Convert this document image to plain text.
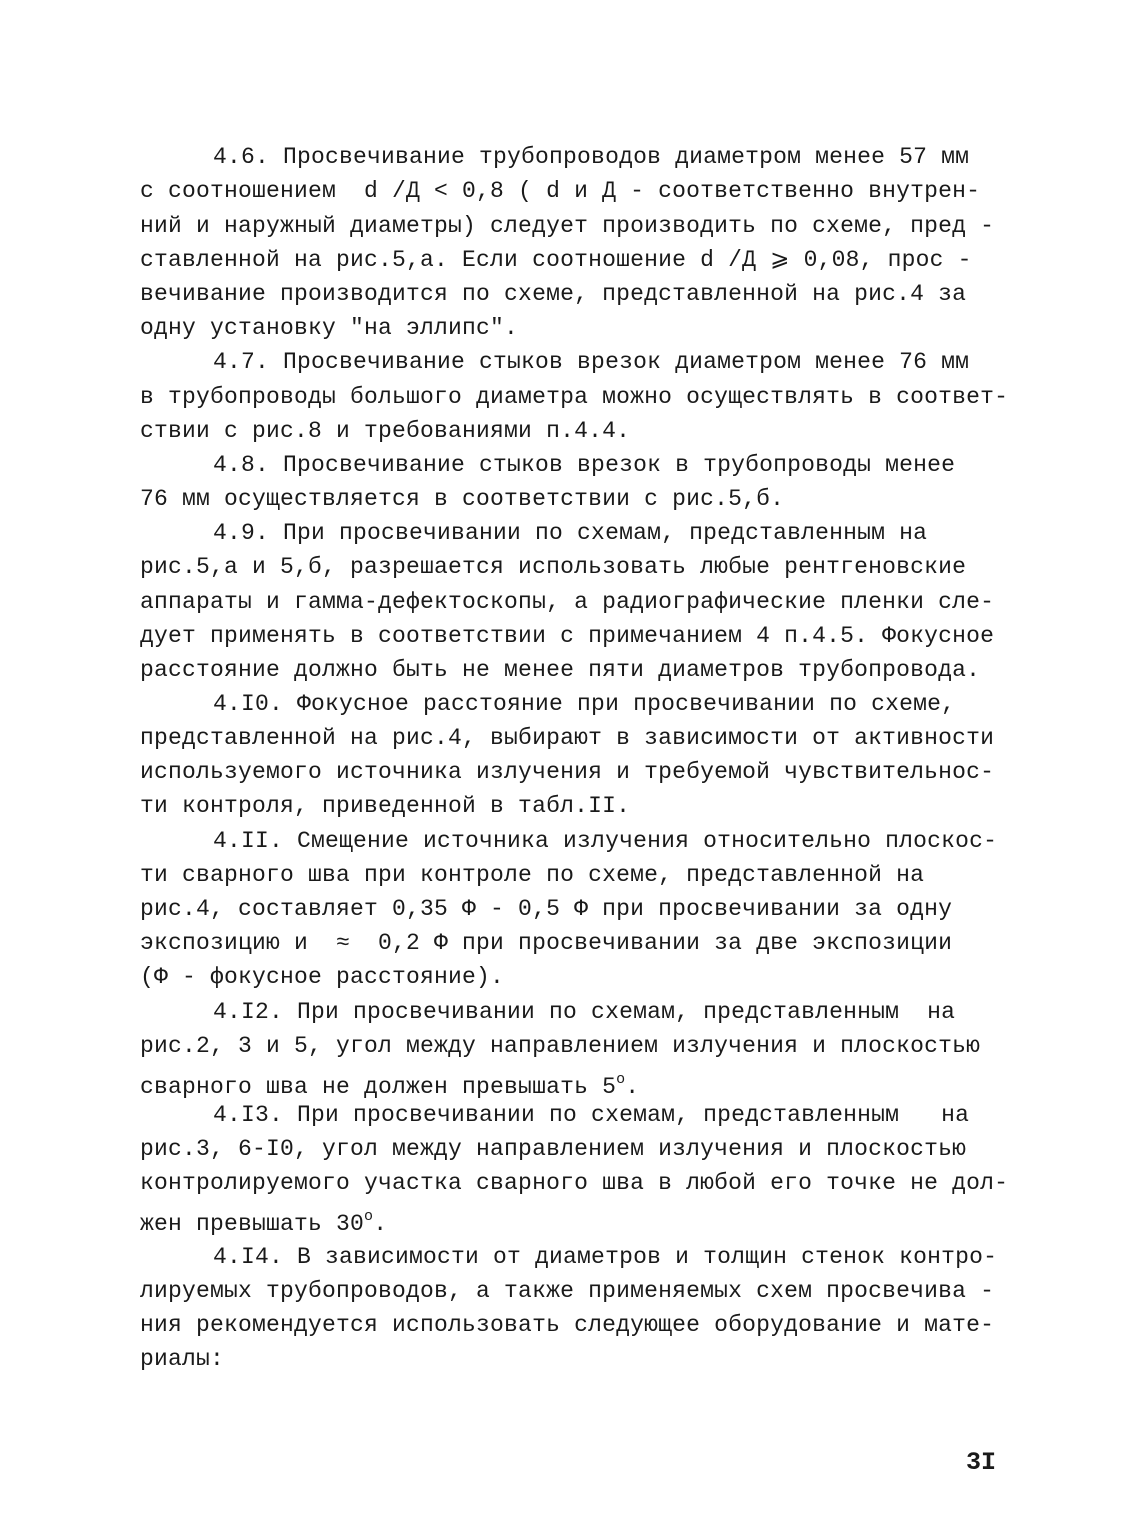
4.6. Просвечивание трубопроводов диаметром менее 57 мм
с соотношением  d /Д < 0,8 ( d и Д - соответственно внутрен-
ний и наружный диаметры) следует производить по схеме, пред -
ставленной на рис.5,а. Если соотношение d /Д ⩾ 0,08, прос -
вечивание производится по схеме, представленной на рис.4 за
одну установку "на эллипс".
4.7. Просвечивание стыков врезок диаметром менее 76 мм
в трубопроводы большого диаметра можно осуществлять в соответ-
ствии с рис.8 и требованиями п.4.4.
4.8. Просвечивание стыков врезок в трубопроводы менее
76 мм осуществляется в соответствии с рис.5,б.
4.9. При просвечивании по схемам, представленным на
рис.5,а и 5,б, разрешается использовать любые рентгеновские
аппараты и гамма-дефектоскопы, а радиографические пленки сле-
дует применять в соответствии с примечанием 4 п.4.5. Фокусное
расстояние должно быть не менее пяти диаметров трубопровода.
4.I0. Фокусное расстояние при просвечивании по схеме,
представленной на рис.4, выбирают в зависимости от активности
используемого источника излучения и требуемой чувствительнос-
ти контроля, приведенной в табл.II.
4.II. Смещение источника излучения относительно плоскос-
ти сварного шва при контроле по схеме, представленной на
рис.4, составляет 0,35 Ф - 0,5 Ф при просвечивании за одну
экспозицию и  ≈  0,2 Ф при просвечивании за две экспозиции
(Ф - фокусное расстояние).
4.I2. При просвечивании по схемам, представленным  на
рис.2, 3 и 5, угол между направлением излучения и плоскостью
сварного шва не должен превышать $5^о$.
4.I3. При просвечивании по схемам, представленным   на
рис.3, 6-I0, угол между направлением излучения и плоскостью
контролируемого участка сварного шва в любой его точке не дол-
жен превышать $30^о$.
4.I4. В зависимости от диаметров и толщин стенок контро-
лируемых трубопроводов, а также применяемых схем просвечива -
ния рекомендуется использовать следующее оборудование и мате-
риалы:
3I
